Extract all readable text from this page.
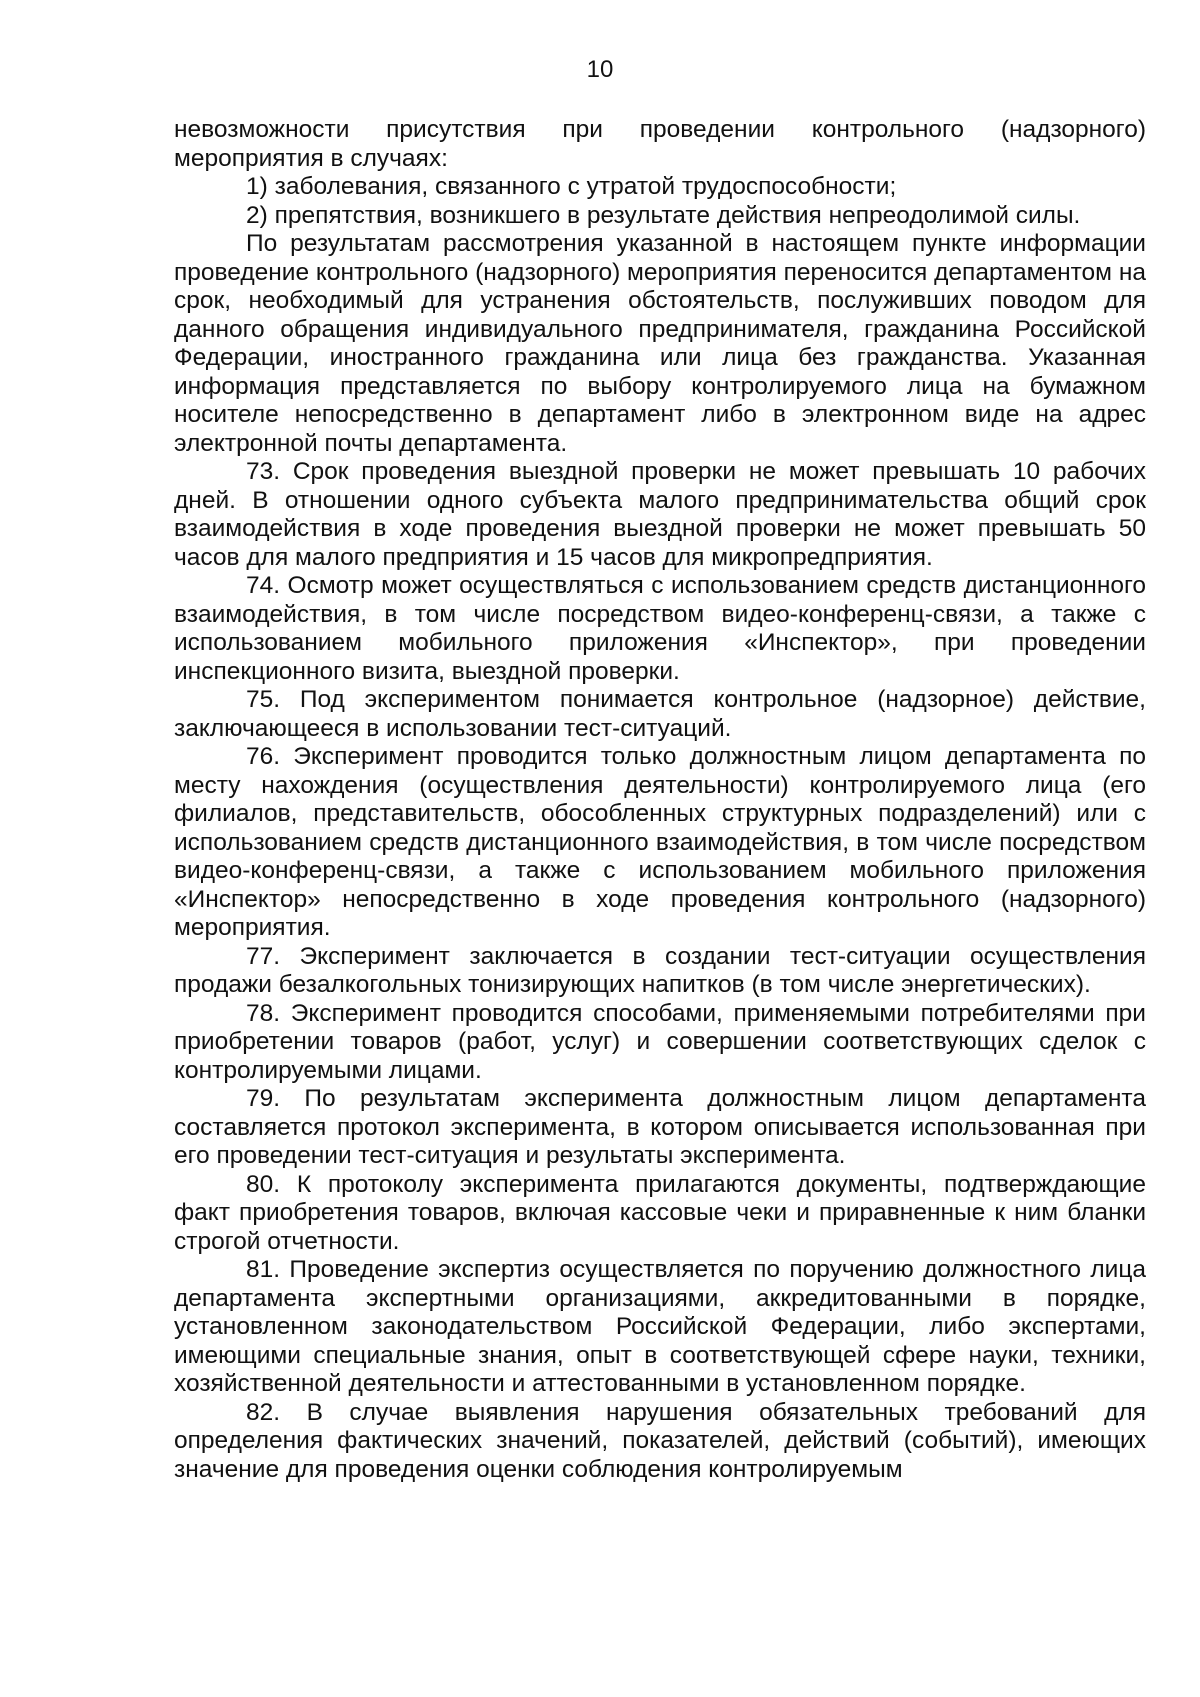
10

невозможности присутствия при проведении контрольного (надзорного) мероприятия в случаях:

1) заболевания, связанного с утратой трудоспособности;

2) препятствия, возникшего в результате действия непреодолимой силы.

По результатам рассмотрения указанной в настоящем пункте информации проведение контрольного (надзорного) мероприятия переносится департаментом на срок, необходимый для устранения обстоятельств, послуживших поводом для данного обращения индивидуального предпринимателя, гражданина Российской Федерации, иностранного гражданина или лица без гражданства. Указанная информация представляется по выбору контролируемого лица на бумажном носителе непосредственно в департамент либо в электронном виде на адрес электронной почты департамента.

73. Срок проведения выездной проверки не может превышать 10 рабочих дней. В отношении одного субъекта малого предпринимательства общий срок взаимодействия в ходе проведения выездной проверки не может превышать 50 часов для малого предприятия и 15 часов для микропредприятия.

74. Осмотр может осуществляться с использованием средств дистанционного взаимодействия, в том числе посредством видео-конференц-связи, а также с использованием мобильного приложения «Инспектор», при проведении инспекционного визита, выездной проверки.

75. Под экспериментом понимается контрольное (надзорное) действие, заключающееся в использовании тест-ситуаций.

76. Эксперимент проводится только должностным лицом департамента по месту нахождения (осуществления деятельности) контролируемого лица (его филиалов, представительств, обособленных структурных подразделений) или с использованием средств дистанционного взаимодействия, в том числе посредством видео-конференц-связи, а также с использованием мобильного приложения «Инспектор» непосредственно в ходе проведения контрольного (надзорного) мероприятия.

77. Эксперимент заключается в создании тест-ситуации осуществления продажи безалкогольных тонизирующих напитков (в том числе энергетических).

78. Эксперимент проводится способами, применяемыми потребителями при приобретении товаров (работ, услуг) и совершении соответствующих сделок с контролируемыми лицами.

79. По результатам эксперимента должностным лицом департамента составляется протокол эксперимента, в котором описывается использованная при его проведении тест-ситуация и результаты эксперимента.

80. К протоколу эксперимента прилагаются документы, подтверждающие факт приобретения товаров, включая кассовые чеки и приравненные к ним бланки строгой отчетности.

81. Проведение экспертиз осуществляется по поручению должностного лица департамента экспертными организациями, аккредитованными в порядке, установленном законодательством Российской Федерации, либо экспертами, имеющими специальные знания, опыт в соответствующей сфере науки, техники, хозяйственной деятельности и аттестованными в установленном порядке.

82. В случае выявления нарушения обязательных требований для определения фактических значений, показателей, действий (событий), имеющих значение для проведения оценки соблюдения контролируемым
